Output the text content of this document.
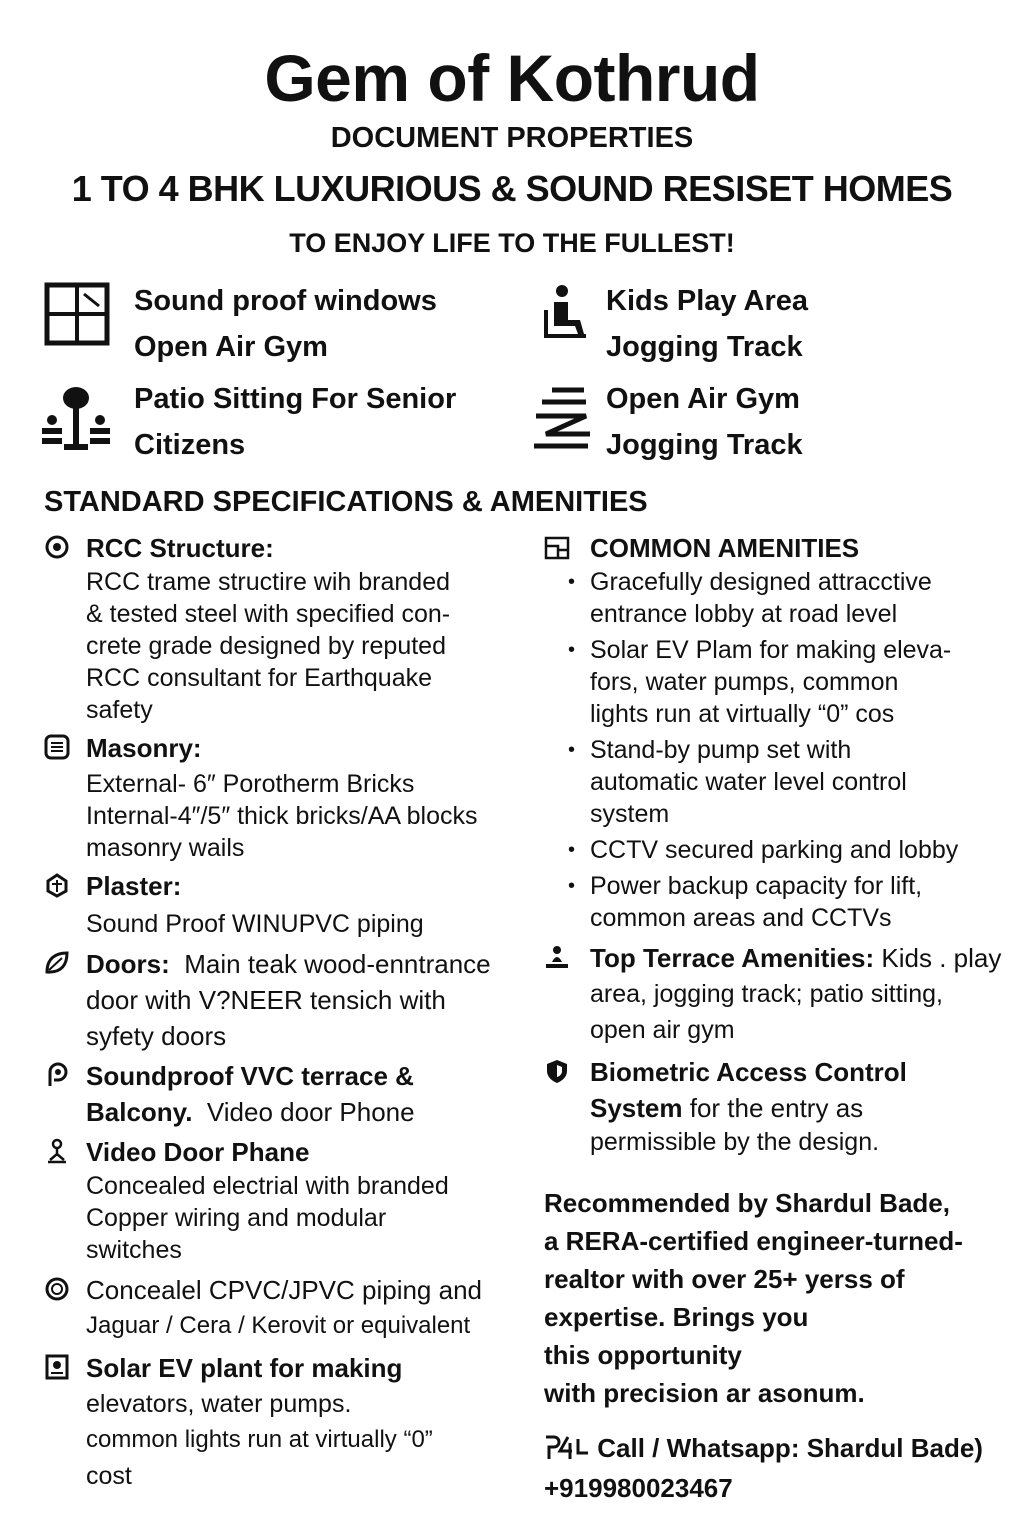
Gem of Kothrud
DOCUMENT PROPERTIES
1 TO 4 BHK LUXURIOUS & SOUND RESISET HOMES
TO ENJOY LIFE TO THE FULLEST!
Sound proof windows
Open Air Gym
Kids Play Area
Jogging Track
Patio Sitting For Senior
Citizens
Open Air Gym
Jogging Track
STANDARD SPECIFICATIONS & AMENITIES
RCC Structure:
RCC trame structire wih branded
& tested steel with specified con-
crete grade designed by reputed
RCC consultant for Earthquake
safety
Masonry:
External- 6″ Porotherm Bricks
Internal-4″/5″ thick bricks/AA blocks
masonry wails
Plaster:
Sound Proof WINUPVC piping
Doors: Main teak wood-enntrance
door with V?NEER tensich with
syfety doors
Soundproof VVC terrace &
Balcony. Video door Phone
Video Door Phane
Concealed electrial with branded
Copper wiring and modular
switches
Concealel CPVC/JPVC piping and
Jaguar / Cera / Kerovit or equivalent
Solar EV plant for making
elevators, water pumps.
common lights run at virtually “0”
cost
COMMON AMENITIES
• Gracefully designed attracctive
entrance lobby at road level
• Solar EV Plam for making eleva-
fors, water pumps, common
lights run at virtually “0” cos
• Stand-by pump set with
automatic water level control
system
• CCTV secured parking and lobby
• Power backup capacity for lift,
common areas and CCTVs
Top Terrace Amenities: Kids . play
area, jogging track; patio sitting,
open air gym
Biometric Access Control
System for the entry as
permissible by the design.
Recommended by Shardul Bade,
a RERA-certified engineer-turned-
realtor with over 25+ yerss of
expertise. Brings you
this opportunity
with precision ar asonum.
Call / Whatsapp: Shardul Bade)
+919980023467
